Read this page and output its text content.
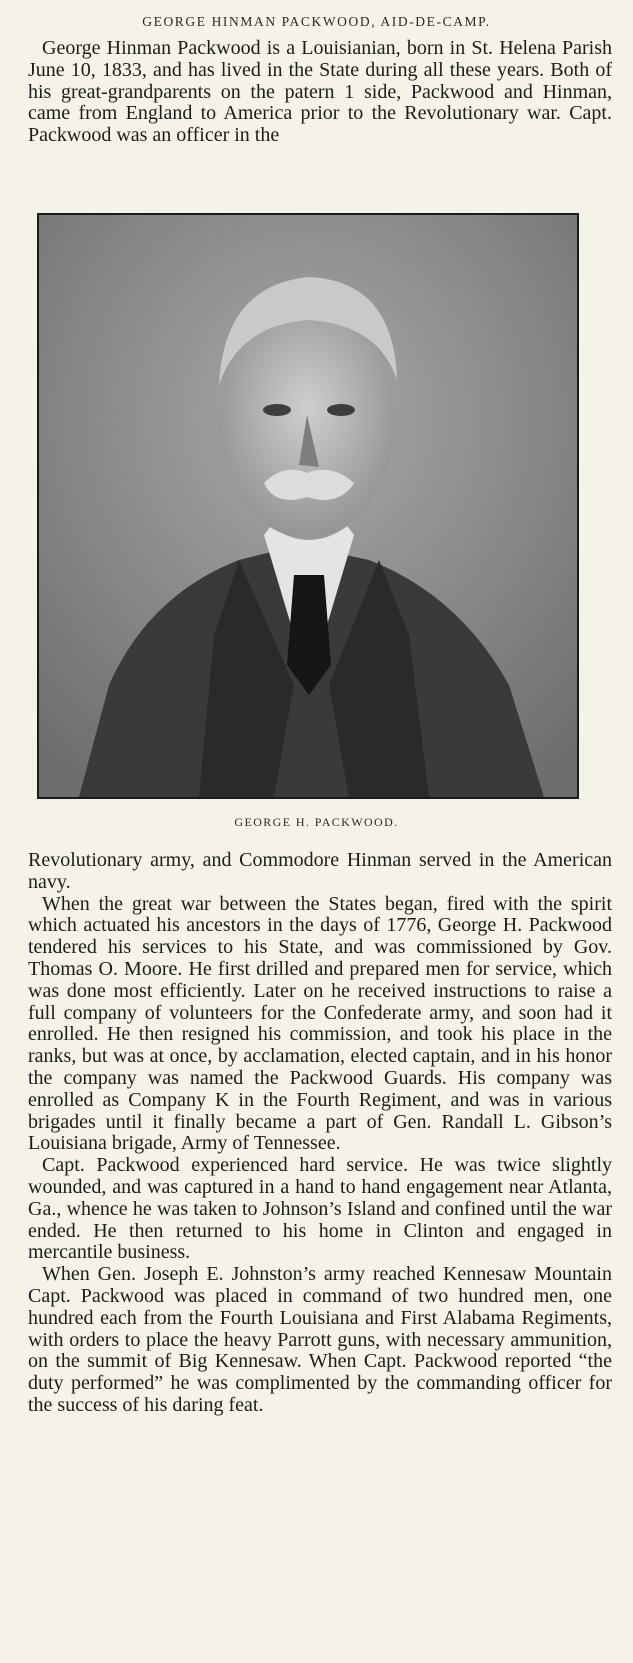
GEORGE HINMAN PACKWOOD, AID-DE-CAMP.

George Hinman Packwood is a Louisianian, born in St. Helena Parish June 10, 1833, and has lived in the State during all these years. Both of his great-grandparents on the patern 1 side, Packwood and Hinman, came from England to America prior to the Revolutionary war. Capt. Packwood was an officer in the

GEORGE H. PACKWOOD.

Revolutionary army, and Commodore Hinman served in the American navy.

When the great war between the States began, fired with the spirit which actuated his ancestors in the days of 1776, George H. Packwood tendered his services to his State, and was commissioned by Gov. Thomas O. Moore. He first drilled and prepared men for service, which was done most efficiently. Later on he received instructions to raise a full company of volunteers for the Confederate army, and soon had it enrolled. He then resigned his commission, and took his place in the ranks, but was at once, by acclamation, elected captain, and in his honor the company was named the Packwood Guards. His company was enrolled as Company K in the Fourth Regiment, and was in various brigades until it finally became a part of Gen. Randall L. Gibson’s Louisiana brigade, Army of Tennessee.

Capt. Packwood experienced hard service. He was twice slightly wounded, and was captured in a hand to hand engagement near Atlanta, Ga., whence he was taken to Johnson’s Island and confined until the war ended. He then returned to his home in Clinton and engaged in mercantile business.

When Gen. Joseph E. Johnston’s army reached Kennesaw Mountain Capt. Packwood was placed in command of two hundred men, one hundred each from the Fourth Louisiana and First Alabama Regiments, with orders to place the heavy Parrott guns, with necessary ammunition, on the summit of Big Kennesaw. When Capt. Packwood reported “the duty performed” he was complimented by the commanding officer for the success of his daring feat.
